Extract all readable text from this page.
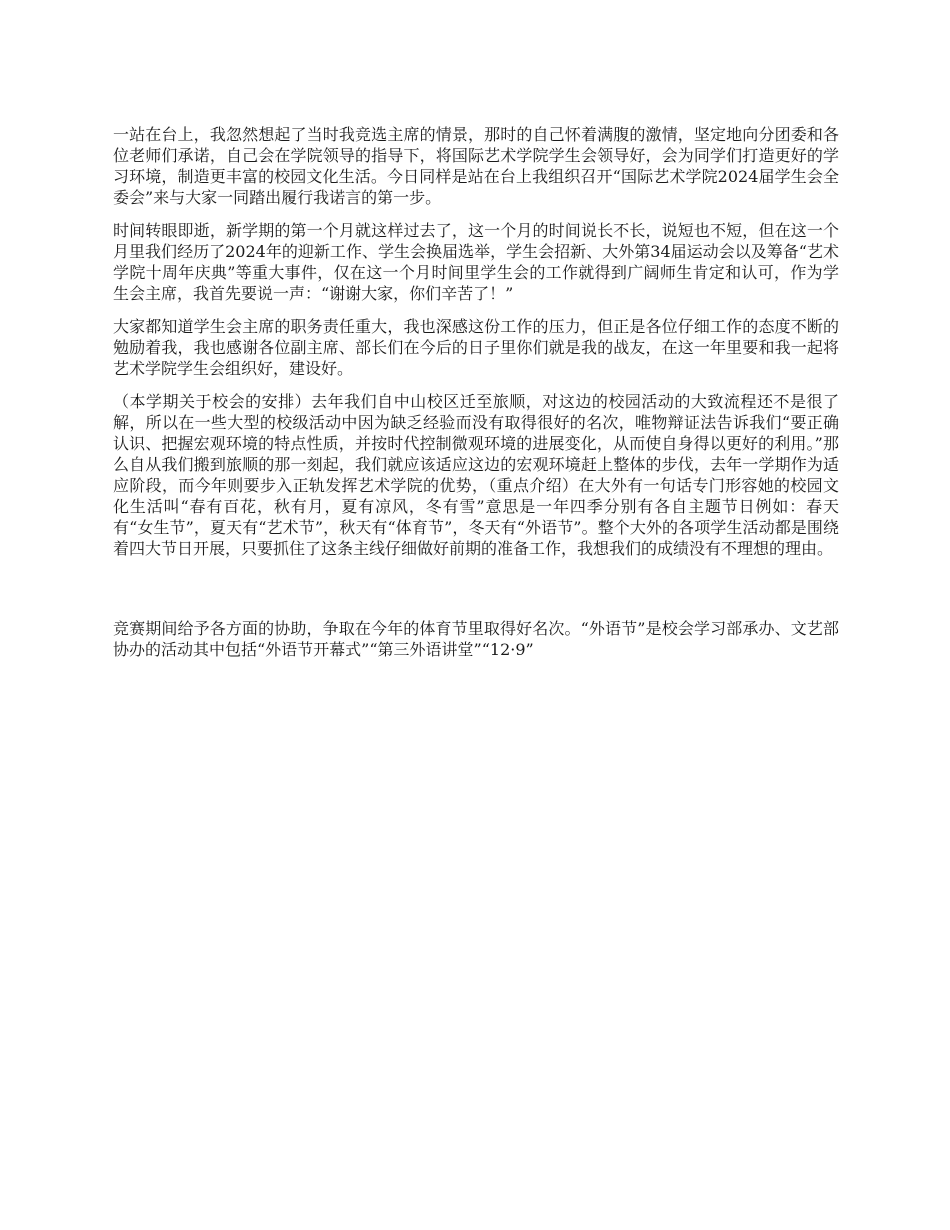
一站在台上，我忽然想起了当时我竞选主席的情景，那时的自己怀着满腹的激情，坚定地向分团委和各位老师们承诺，自己会在学院领导的指导下，将国际艺术学院学生会领导好，会为同学们打造更好的学习环境，制造更丰富的校园文化生活。今日同样是站在台上我组织召开“国际艺术学院2024届学生会全委会”来与大家一同踏出履行我诺言的第一步。

时间转眼即逝，新学期的第一个月就这样过去了，这一个月的时间说长不长，说短也不短，但在这一个月里我们经历了2024年的迎新工作、学生会换届选举，学生会招新、大外第34届运动会以及筹备“艺术学院十周年庆典”等重大事件，仅在这一个月时间里学生会的工作就得到广阔师生肯定和认可，作为学生会主席，我首先要说一声：“谢谢大家，你们辛苦了！”

大家都知道学生会主席的职务责任重大，我也深感这份工作的压力，但正是各位仔细工作的态度不断的勉励着我，我也感谢各位副主席、部长们在今后的日子里你们就是我的战友，在这一年里要和我一起将艺术学院学生会组织好，建设好。

（本学期关于校会的安排）去年我们自中山校区迁至旅顺，对这边的校园活动的大致流程还不是很了解，所以在一些大型的校级活动中因为缺乏经验而没有取得很好的名次，唯物辩证法告诉我们“要正确认识、把握宏观环境的特点性质，并按时代控制微观环境的进展变化，从而使自身得以更好的利用。”那么自从我们搬到旅顺的那一刻起，我们就应该适应这边的宏观环境赶上整体的步伐，去年一学期作为适应阶段，而今年则要步入正轨发挥艺术学院的优势，（重点介绍）在大外有一句话专门形容她的校园文化生活叫“春有百花，秋有月，夏有凉风，冬有雪”意思是一年四季分别有各自主题节日例如：春天有“女生节”，夏天有“艺术节”，秋天有“体育节”，冬天有“外语节”。整个大外的各项学生活动都是围绕着四大节日开展，只要抓住了这条主线仔细做好前期的准备工作，我想我们的成绩没有不理想的理由。

竞赛期间给予各方面的协助，争取在今年的体育节里取得好名次。“外语节”是校会学习部承办、文艺部协办的活动其中包括“外语节开幕式”“第三外语讲堂”“12·9”
